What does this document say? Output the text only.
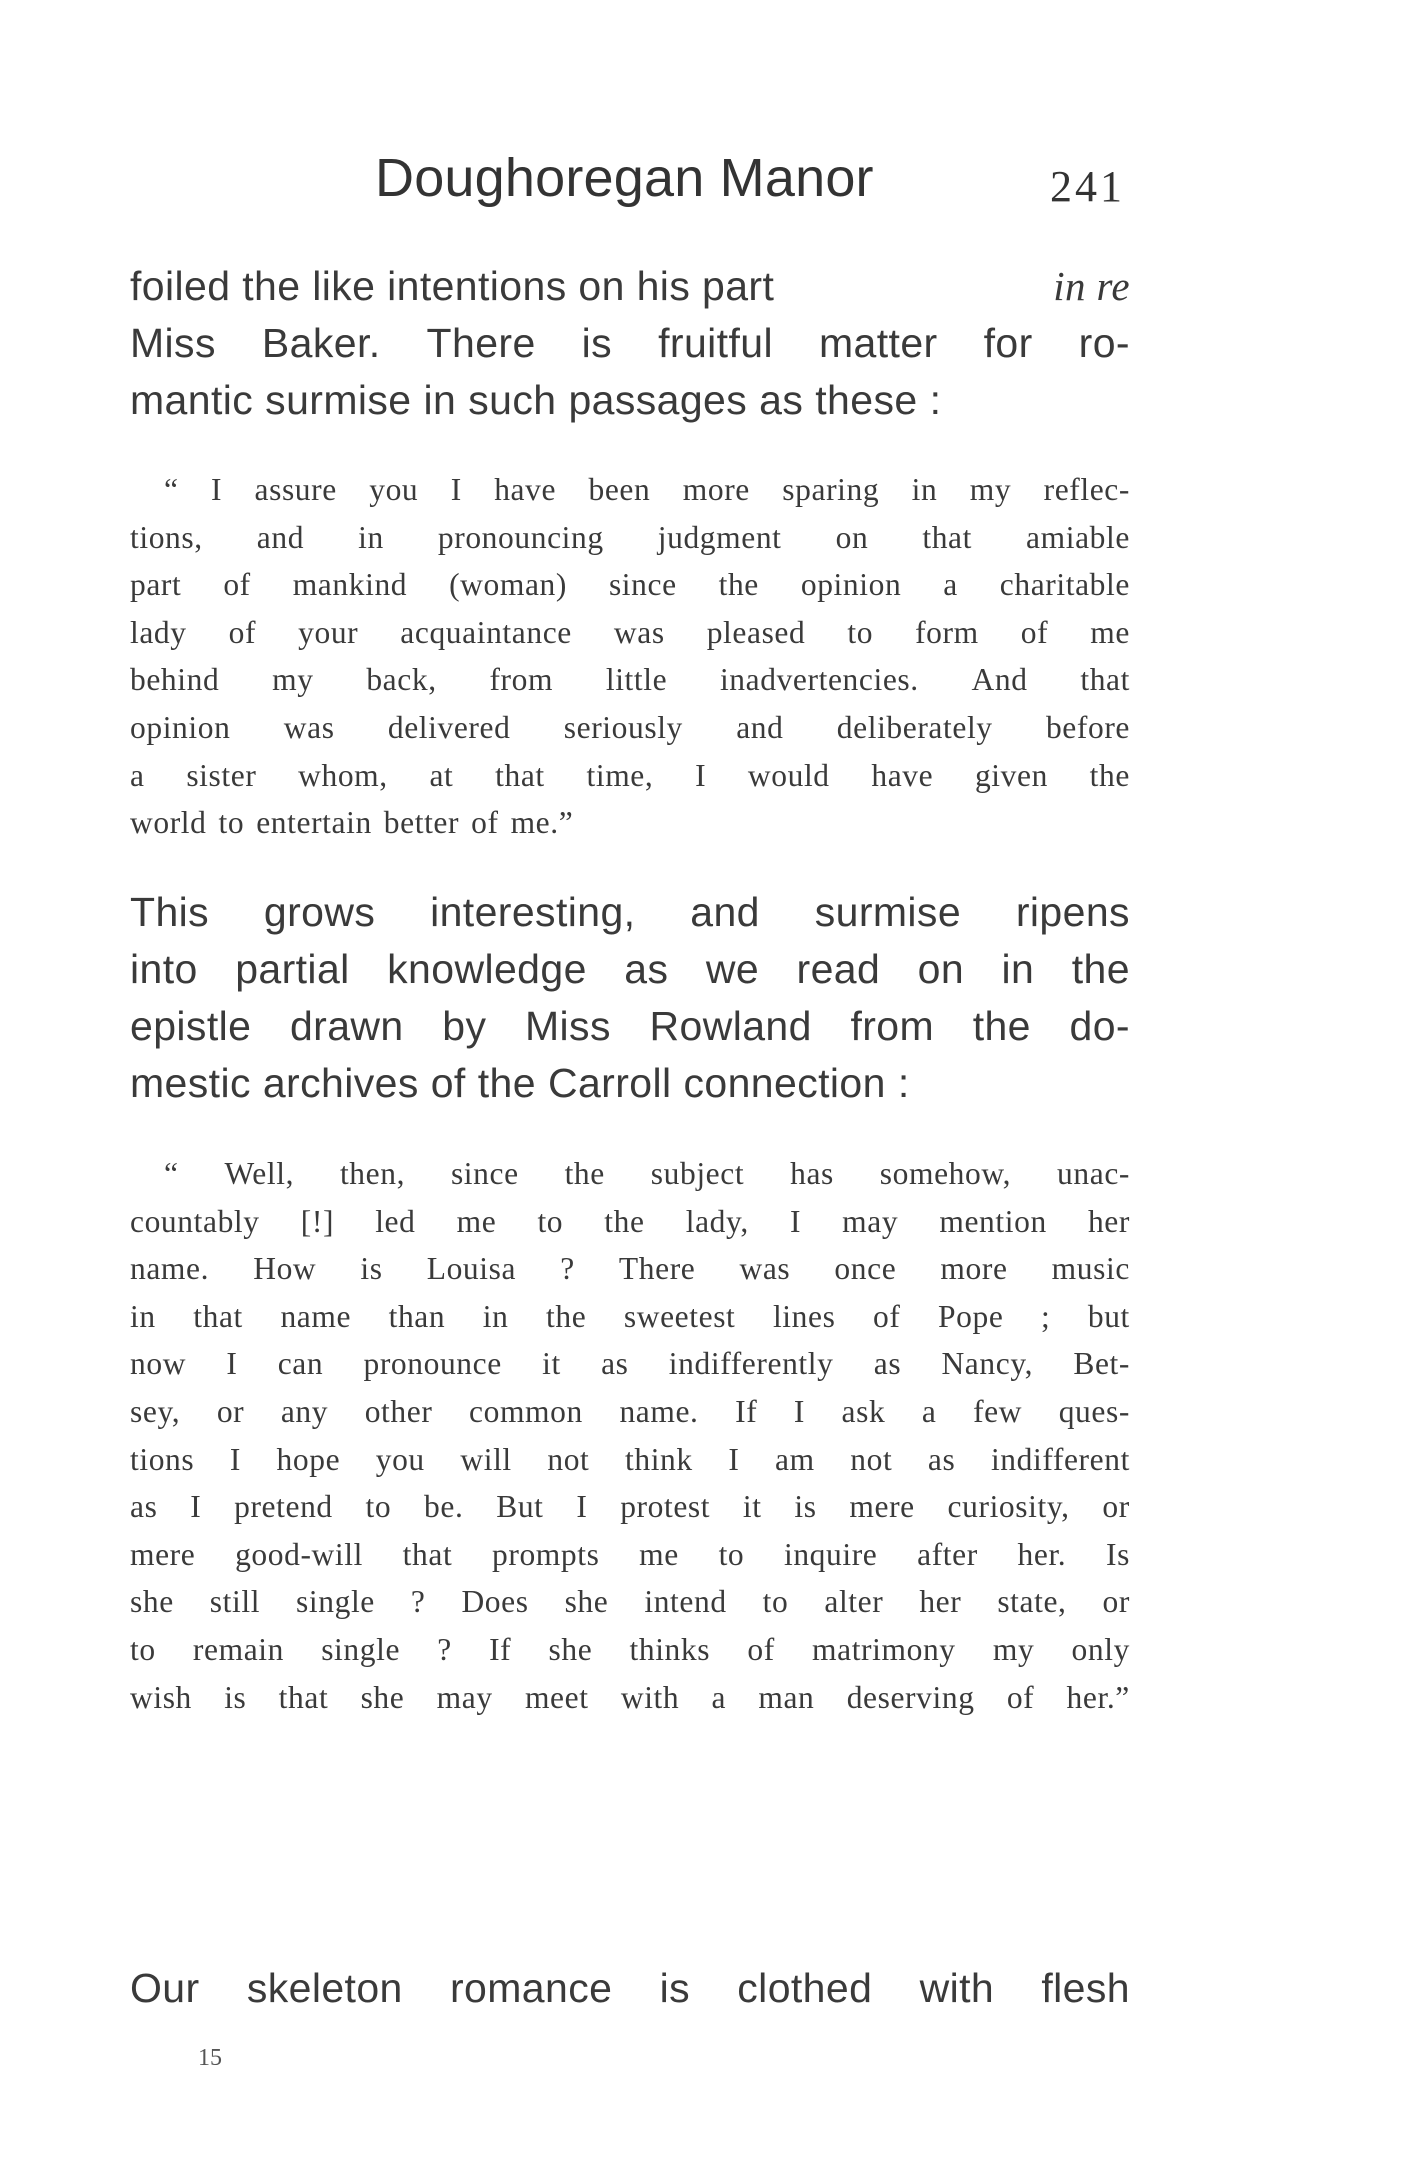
Doughoregan Manor	241
foiled the like intentions on his part	in re
Miss Baker. There is fruitful matter for ro-
mantic surmise in such passages as these :
“ I assure you I have been more sparing in my reflec-
tions, and in pronouncing judgment on that amiable
part of mankind (woman) since the opinion a charitable
lady of your acquaintance was pleased to form of me
behind my back, from little inadvertencies. And that
opinion was delivered seriously and deliberately before
a sister whom, at that time, I would have given the
world to entertain better of me.”
This grows interesting, and surmise ripens
into partial knowledge as we read on in the
epistle drawn by Miss Rowland from the do-
mestic archives of the Carroll connection :
“ Well, then, since the subject has somehow, unac-
countably [!] led me to the lady, I may mention her
name. How is Louisa ? There was once more music
in that name than in the sweetest lines of Pope ; but
now I can pronounce it as indifferently as Nancy, Bet-
sey, or any other common name. If I ask a few ques-
tions I hope you will not think I am not as indifferent
as I pretend to be. But I protest it is mere curiosity, or
mere good-will that prompts me to inquire after her. Is
she still single ? Does she intend to alter her state, or
to remain single ? If she thinks of matrimony my only
wish is that she may meet with a man deserving of her.”
Our skeleton romance is clothed with flesh
15
